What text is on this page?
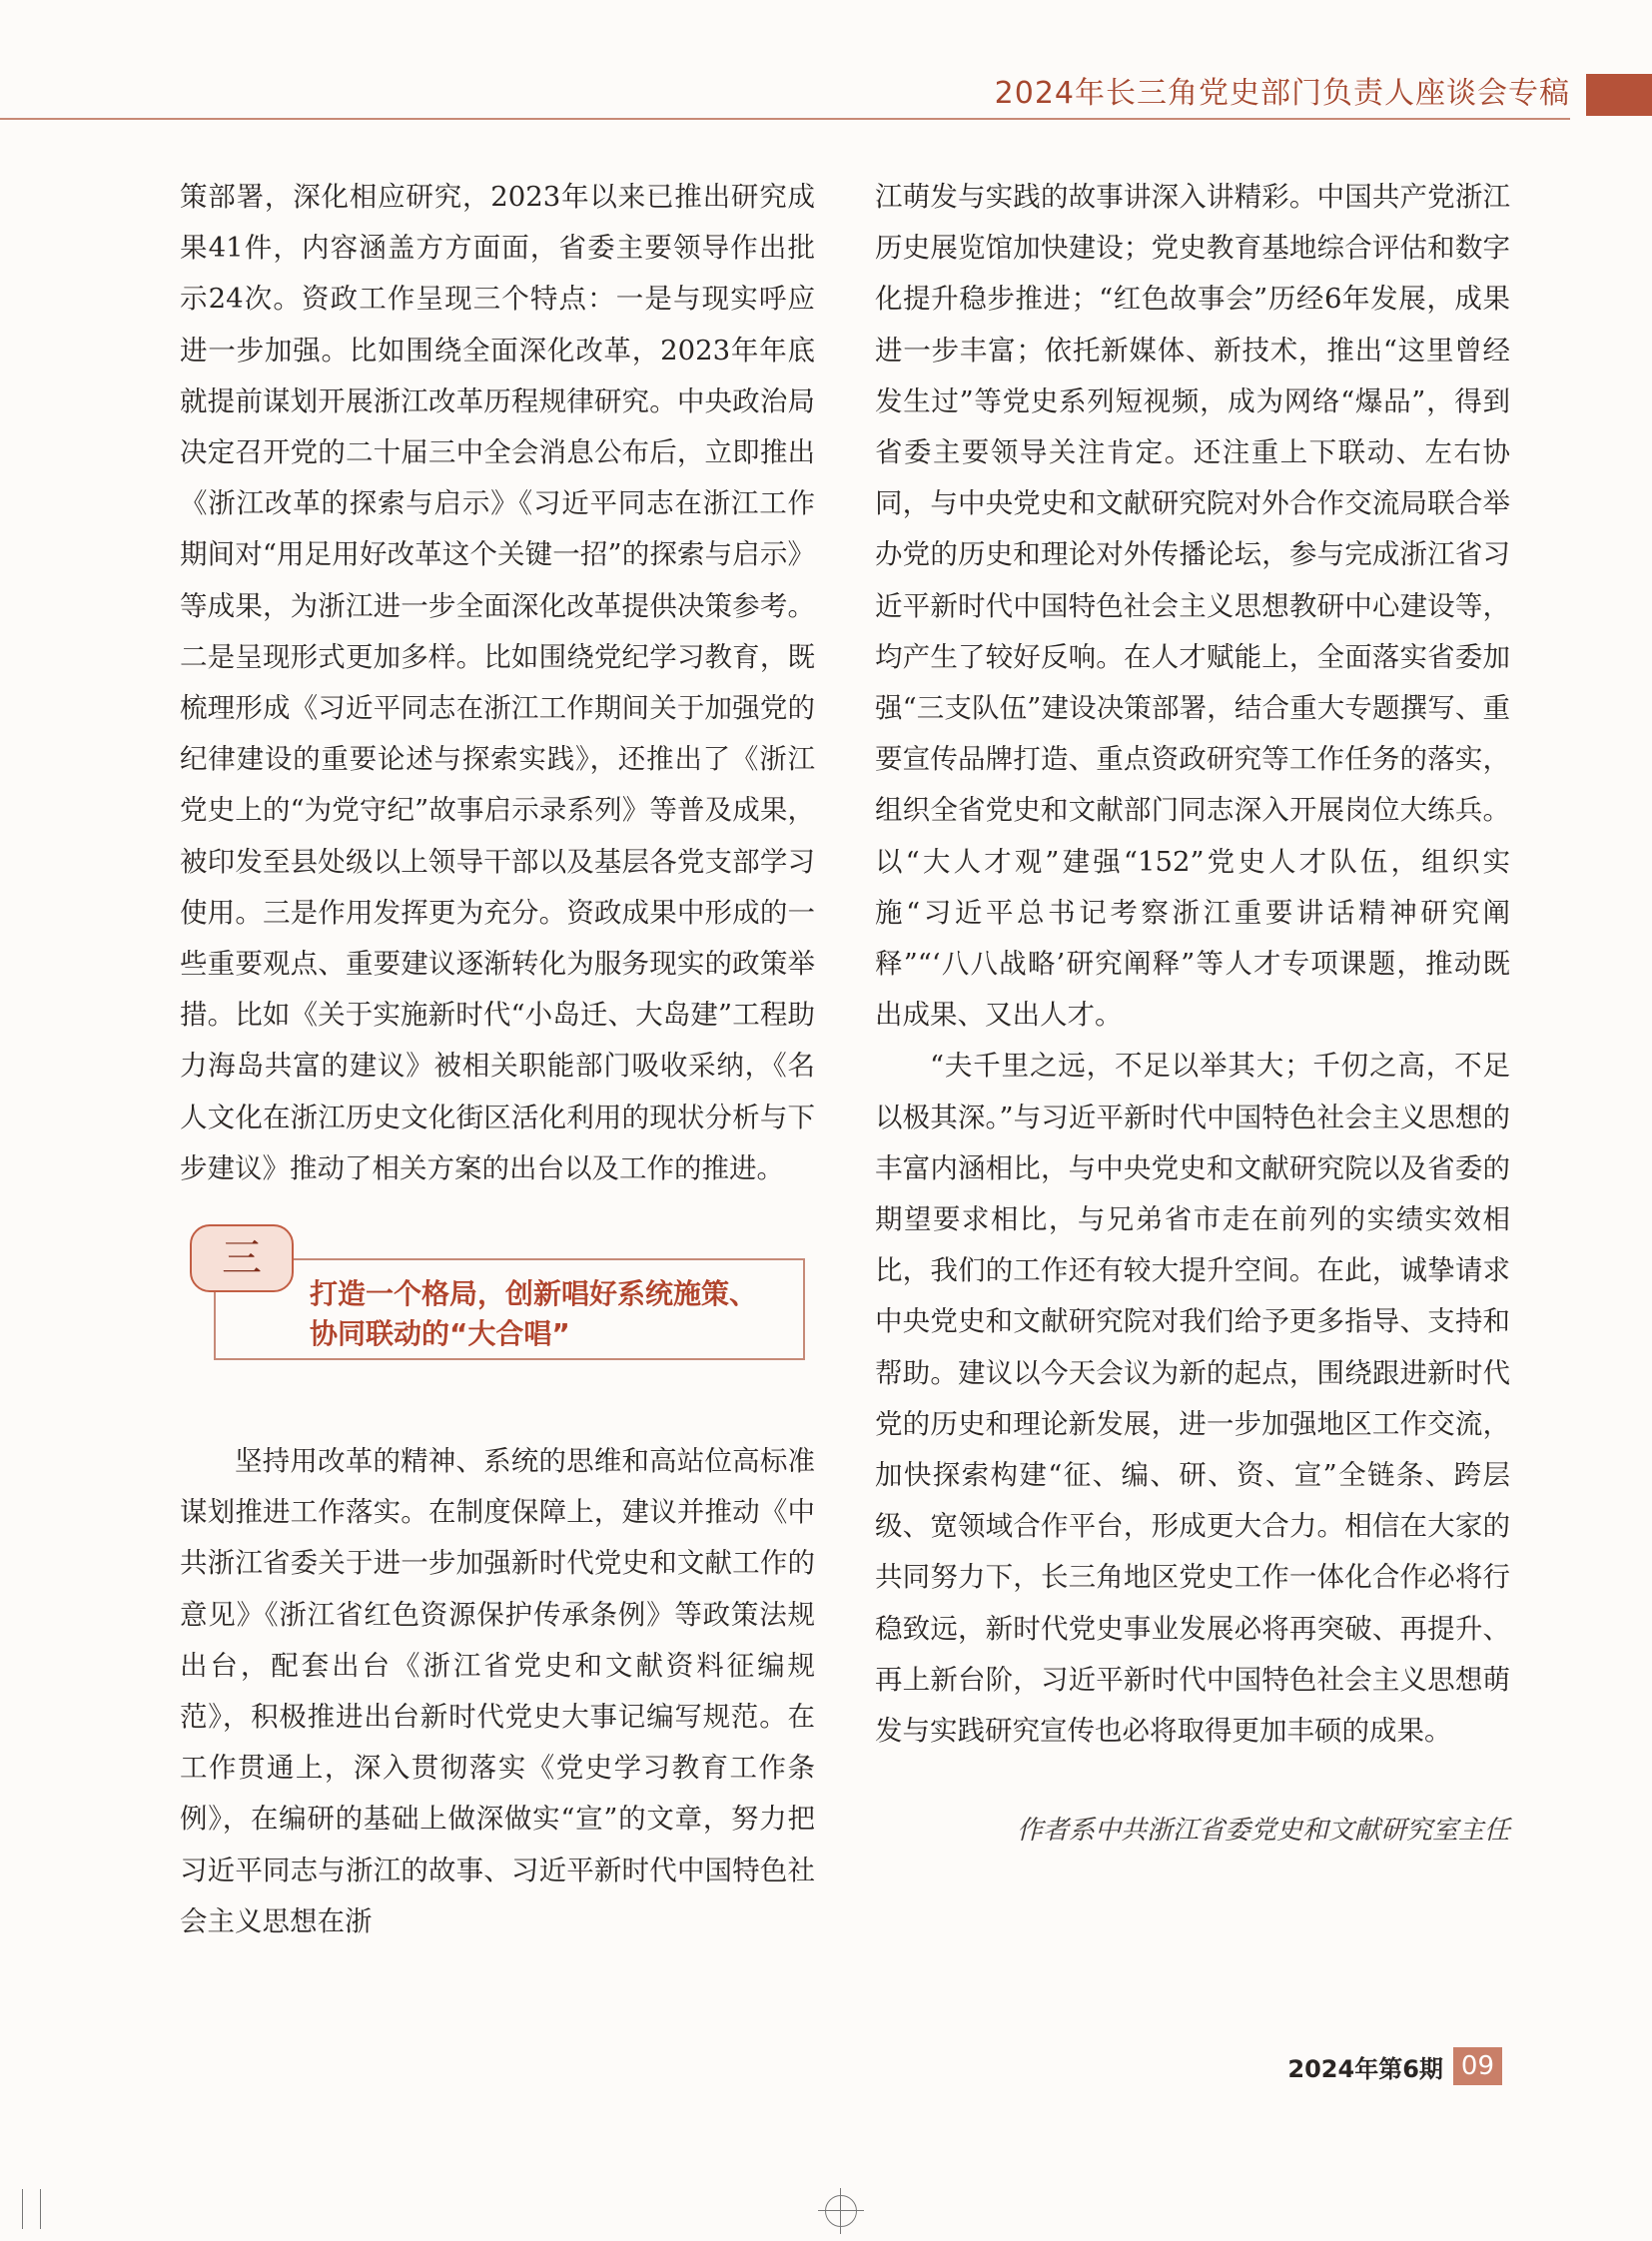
2024年长三角党史部门负责人座谈会专稿

策部署，深化相应研究，2023年以来已推出研究成果41件，内容涵盖方方面面，省委主要领导作出批示24次。资政工作呈现三个特点：一是与现实呼应进一步加强。比如围绕全面深化改革，2023年年底就提前谋划开展浙江改革历程规律研究。中央政治局决定召开党的二十届三中全会消息公布后，立即推出《浙江改革的探索与启示》《习近平同志在浙江工作期间对“用足用好改革这个关键一招”的探索与启示》等成果，为浙江进一步全面深化改革提供决策参考。二是呈现形式更加多样。比如围绕党纪学习教育，既梳理形成《习近平同志在浙江工作期间关于加强党的纪律建设的重要论述与探索实践》，还推出了《浙江党史上的“为党守纪”故事启示录系列》等普及成果，被印发至县处级以上领导干部以及基层各党支部学习使用。三是作用发挥更为充分。资政成果中形成的一些重要观点、重要建议逐渐转化为服务现实的政策举措。比如《关于实施新时代“小岛迁、大岛建”工程助力海岛共富的建议》被相关职能部门吸收采纳，《名人文化在浙江历史文化街区活化利用的现状分析与下步建议》推动了相关方案的出台以及工作的推进。

三
打造一个格局，创新唱好系统施策、协同联动的“大合唱”

坚持用改革的精神、系统的思维和高站位高标准谋划推进工作落实。在制度保障上，建议并推动《中共浙江省委关于进一步加强新时代党史和文献工作的意见》《浙江省红色资源保护传承条例》等政策法规出台，配套出台《浙江省党史和文献资料征编规范》，积极推进出台新时代党史大事记编写规范。在工作贯通上，深入贯彻落实《党史学习教育工作条例》，在编研的基础上做深做实“宣”的文章，努力把习近平同志与浙江的故事、习近平新时代中国特色社会主义思想在浙

江萌发与实践的故事讲深入讲精彩。中国共产党浙江历史展览馆加快建设；党史教育基地综合评估和数字化提升稳步推进；“红色故事会”历经6年发展，成果进一步丰富；依托新媒体、新技术，推出“这里曾经发生过”等党史系列短视频，成为网络“爆品”，得到省委主要领导关注肯定。还注重上下联动、左右协同，与中央党史和文献研究院对外合作交流局联合举办党的历史和理论对外传播论坛，参与完成浙江省习近平新时代中国特色社会主义思想教研中心建设等，均产生了较好反响。在人才赋能上，全面落实省委加强“三支队伍”建设决策部署，结合重大专题撰写、重要宣传品牌打造、重点资政研究等工作任务的落实，组织全省党史和文献部门同志深入开展岗位大练兵。以“大人才观”建强“152”党史人才队伍，组织实施“习近平总书记考察浙江重要讲话精神研究阐释”“‘八八战略’研究阐释”等人才专项课题，推动既出成果、又出人才。

“夫千里之远，不足以举其大；千仞之高，不足以极其深。”与习近平新时代中国特色社会主义思想的丰富内涵相比，与中央党史和文献研究院以及省委的期望要求相比，与兄弟省市走在前列的实绩实效相比，我们的工作还有较大提升空间。在此，诚挚请求中央党史和文献研究院对我们给予更多指导、支持和帮助。建议以今天会议为新的起点，围绕跟进新时代党的历史和理论新发展，进一步加强地区工作交流，加快探索构建“征、编、研、资、宣”全链条、跨层级、宽领域合作平台，形成更大合力。相信在大家的共同努力下，长三角地区党史工作一体化合作必将行稳致远，新时代党史事业发展必将再突破、再提升、再上新台阶，习近平新时代中国特色社会主义思想萌发与实践研究宣传也必将取得更加丰硕的成果。

作者系中共浙江省委党史和文献研究室主任
2024年第6期 09
